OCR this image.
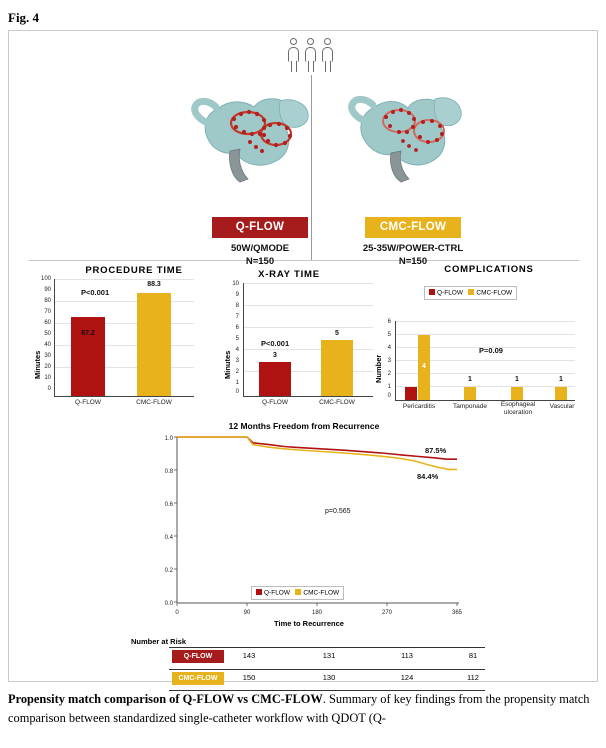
Fig. 4
Q-FLOW	CMC-FLOW
50W/QMODE
N=150
25-35W/POWER-CTRL
N=150
PROCEDURE TIME
Minutes
100
90
80
70
60
50
40
30
20
10
0
P<0.001
67.2
88.3
Q-FLOW	CMC-FLOW
X-RAY TIME
Minutes
10
9
8
7
6
5
4
3
2
1
0
P<0.001
3
5
Q-FLOW	CMC-FLOW
COMPLICATIONS
Number
Q-FLOW CMC-FLOW
6
5
4
3
2
1
0
P=0.09
4
Pericarditis
1
Tamponade
1
Esophageal ulceration
1
Vascular
12 Months Freedom from Recurrence
1.0
0.8
0.6
0.4
0.2
0.0
0	90	180	270	365
87.5%
84.4%
p=0.565
Q-FLOW CMC-FLOW
Time to Recurrence
Number at Risk
Q-FLOW	143	131	113	81
CMC-FLOW	150	130	124	112
Propensity match comparison of Q-FLOW vs CMC-FLOW. Summary of key findings from the propensity match comparison between standardized single-catheter workflow with QDOT (Q-
